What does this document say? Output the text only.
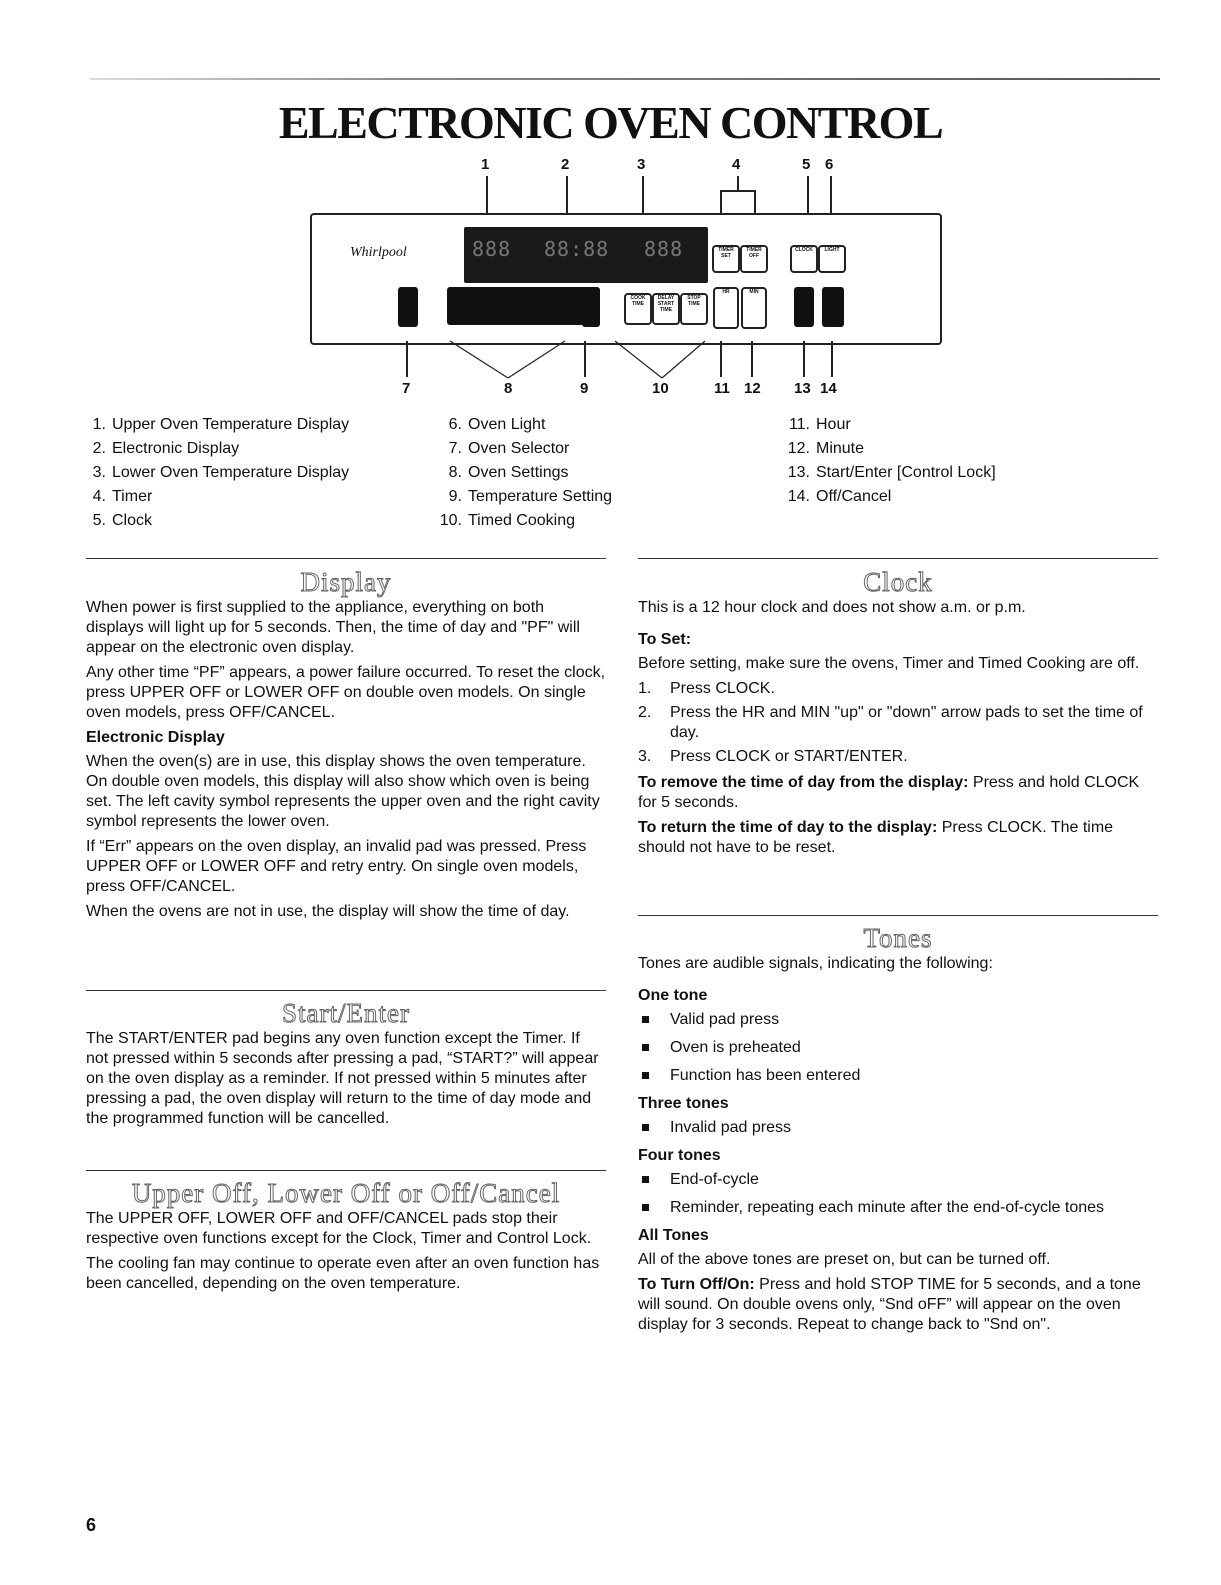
ELECTRONIC OVEN CONTROL
1	2	3	4	5 6
Whirlpool	888 88:88 888	TIMER SET
TIMER OFF
CLOCK	LIGHT
COOK TIME
DELAY START TIME
STOP TIME
HR	MIN
7	8	9	10	11 12 13 14
1. Upper Oven Temperature Display
2. Electronic Display
3. Lower Oven Temperature Display
4. Timer
5. Clock
6. Oven Light
7. Oven Selector
8. Oven Settings
9. Temperature Setting
10. Timed Cooking
11. Hour
12. Minute
13. Start/Enter [Control Lock]
14. Off/Cancel
Display

When power is first supplied to the appliance, everything on both displays will light up for 5 seconds. Then, the time of day and "PF" will appear on the electronic oven display.

Any other time “PF” appears, a power failure occurred. To reset the clock, press UPPER OFF or LOWER OFF on double oven models. On single oven models, press OFF/CANCEL.

Electronic Display

When the oven(s) are in use, this display shows the oven temperature. On double oven models, this display will also show which oven is being set. The left cavity symbol represents the upper oven and the right cavity symbol represents the lower oven.

If “Err” appears on the oven display, an invalid pad was pressed. Press UPPER OFF or LOWER OFF and retry entry. On single oven models, press OFF/CANCEL.

When the ovens are not in use, the display will show the time of day.

Start/Enter

The START/ENTER pad begins any oven function except the Timer. If not pressed within 5 seconds after pressing a pad, “START?” will appear on the oven display as a reminder. If not pressed within 5 minutes after pressing a pad, the oven display will return to the time of day mode and the programmed function will be cancelled.

Upper Off, Lower Off or Off/Cancel

The UPPER OFF, LOWER OFF and OFF/CANCEL pads stop their respective oven functions except for the Clock, Timer and Control Lock.

The cooling fan may continue to operate even after an oven function has been cancelled, depending on the oven temperature.

Clock

This is a 12 hour clock and does not show a.m. or p.m.

To Set:

Before setting, make sure the ovens, Timer and Timed Cooking are off.

1. Press CLOCK.
2. Press the HR and MIN "up" or "down" arrow pads to set the time of day.
3. Press CLOCK or START/ENTER.

To remove the time of day from the display: Press and hold CLOCK for 5 seconds.

To return the time of day to the display: Press CLOCK. The time should not have to be reset.

Tones

Tones are audible signals, indicating the following:

One tone

Valid pad press
Oven is preheated
Function has been entered

Three tones

Invalid pad press

Four tones

End-of-cycle
Reminder, repeating each minute after the end-of-cycle tones

All Tones

All of the above tones are preset on, but can be turned off.

To Turn Off/On: Press and hold STOP TIME for 5 seconds, and a tone will sound. On double ovens only, “Snd oFF” will appear on the oven display for 3 seconds. Repeat to change back to "Snd on".

6
